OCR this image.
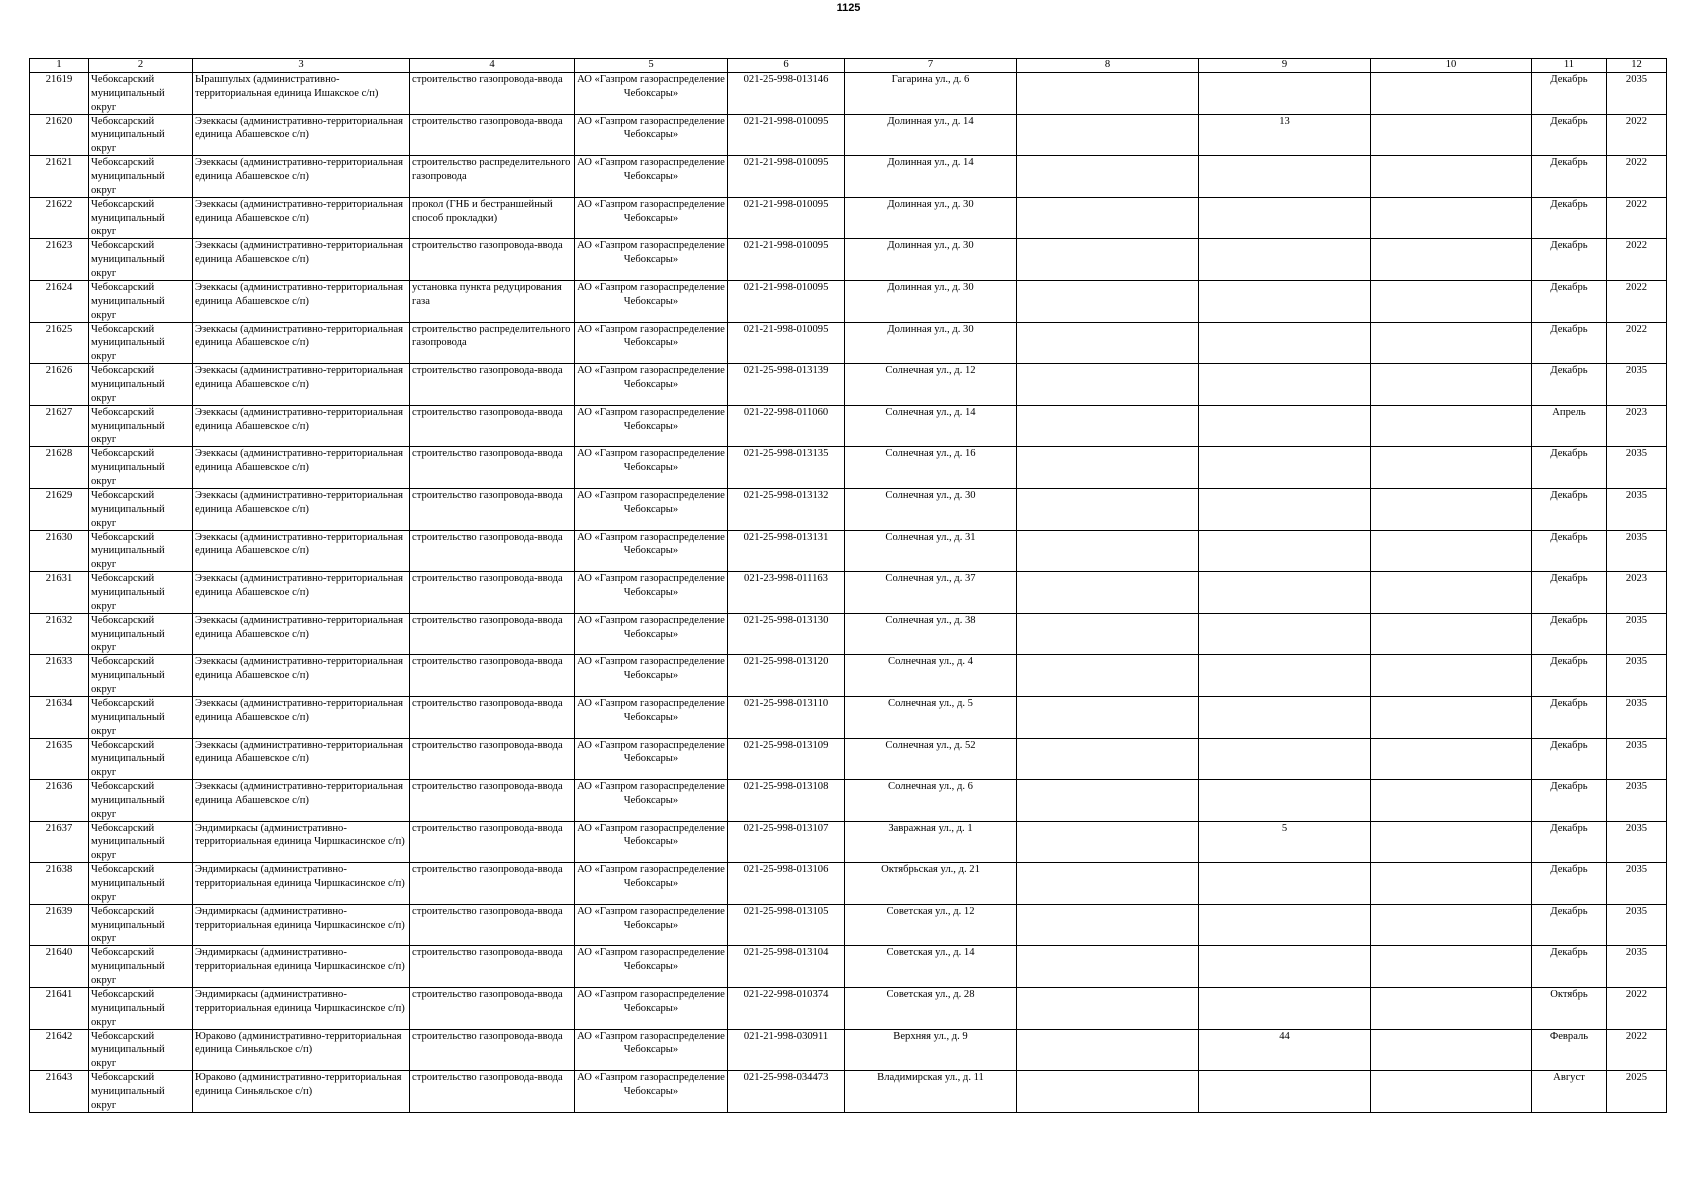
1125
1	2	3	4	5	6	7	8	9	10	11	12

21619	Чебоксарский муниципальный округ	Ырашпулых (административно-территориальная единица Ишакское с/п)	строительство газопровода-ввода	АО «Газпром газораспределение Чебоксары»	021-25-998-013146	Гагарина ул., д. 6				Декабрь	2035

21620	Чебоксарский муниципальный округ	Эзеккасы (административно-территориальная единица Абашевское с/п)	строительство газопровода-ввода	АО «Газпром газораспределение Чебоксары»	021-21-998-010095	Долинная ул., д. 14		13		Декабрь	2022

21621	Чебоксарский муниципальный округ	Эзеккасы (административно-территориальная единица Абашевское с/п)	строительство распределительного газопровода	АО «Газпром газораспределение Чебоксары»	021-21-998-010095	Долинная ул., д. 14				Декабрь	2022

21622	Чебоксарский муниципальный округ	Эзеккасы (административно-территориальная единица Абашевское с/п)	прокол (ГНБ и бестраншейный способ прокладки)	АО «Газпром газораспределение Чебоксары»	021-21-998-010095	Долинная ул., д. 30				Декабрь	2022

21623	Чебоксарский муниципальный округ	Эзеккасы (административно-территориальная единица Абашевское с/п)	строительство газопровода-ввода	АО «Газпром газораспределение Чебоксары»	021-21-998-010095	Долинная ул., д. 30				Декабрь	2022

21624	Чебоксарский муниципальный округ	Эзеккасы (административно-территориальная единица Абашевское с/п)	установка пункта редуцирования газа	АО «Газпром газораспределение Чебоксары»	021-21-998-010095	Долинная ул., д. 30				Декабрь	2022

21625	Чебоксарский муниципальный округ	Эзеккасы (административно-территориальная единица Абашевское с/п)	строительство распределительного газопровода	АО «Газпром газораспределение Чебоксары»	021-21-998-010095	Долинная ул., д. 30				Декабрь	2022

21626	Чебоксарский муниципальный округ	Эзеккасы (административно-территориальная единица Абашевское с/п)	строительство газопровода-ввода	АО «Газпром газораспределение Чебоксары»	021-25-998-013139	Солнечная ул., д. 12				Декабрь	2035

21627	Чебоксарский муниципальный округ	Эзеккасы (административно-территориальная единица Абашевское с/п)	строительство газопровода-ввода	АО «Газпром газораспределение Чебоксары»	021-22-998-011060	Солнечная ул., д. 14				Апрель	2023

21628	Чебоксарский муниципальный округ	Эзеккасы (административно-территориальная единица Абашевское с/п)	строительство газопровода-ввода	АО «Газпром газораспределение Чебоксары»	021-25-998-013135	Солнечная ул., д. 16				Декабрь	2035

21629	Чебоксарский муниципальный округ	Эзеккасы (административно-территориальная единица Абашевское с/п)	строительство газопровода-ввода	АО «Газпром газораспределение Чебоксары»	021-25-998-013132	Солнечная ул., д. 30				Декабрь	2035

21630	Чебоксарский муниципальный округ	Эзеккасы (административно-территориальная единица Абашевское с/п)	строительство газопровода-ввода	АО «Газпром газораспределение Чебоксары»	021-25-998-013131	Солнечная ул., д. 31				Декабрь	2035

21631	Чебоксарский муниципальный округ	Эзеккасы (административно-территориальная единица Абашевское с/п)	строительство газопровода-ввода	АО «Газпром газораспределение Чебоксары»	021-23-998-011163	Солнечная ул., д. 37				Декабрь	2023

21632	Чебоксарский муниципальный округ	Эзеккасы (административно-территориальная единица Абашевское с/п)	строительство газопровода-ввода	АО «Газпром газораспределение Чебоксары»	021-25-998-013130	Солнечная ул., д. 38				Декабрь	2035

21633	Чебоксарский муниципальный округ	Эзеккасы (административно-территориальная единица Абашевское с/п)	строительство газопровода-ввода	АО «Газпром газораспределение Чебоксары»	021-25-998-013120	Солнечная ул., д. 4				Декабрь	2035

21634	Чебоксарский муниципальный округ	Эзеккасы (административно-территориальная единица Абашевское с/п)	строительство газопровода-ввода	АО «Газпром газораспределение Чебоксары»	021-25-998-013110	Солнечная ул., д. 5				Декабрь	2035

21635	Чебоксарский муниципальный округ	Эзеккасы (административно-территориальная единица Абашевское с/п)	строительство газопровода-ввода	АО «Газпром газораспределение Чебоксары»	021-25-998-013109	Солнечная ул., д. 52				Декабрь	2035

21636	Чебоксарский муниципальный округ	Эзеккасы (административно-территориальная единица Абашевское с/п)	строительство газопровода-ввода	АО «Газпром газораспределение Чебоксары»	021-25-998-013108	Солнечная ул., д. 6				Декабрь	2035

21637	Чебоксарский муниципальный округ	Эндимиркасы (административно-территориальная единица Чиршкасинское с/п)	строительство газопровода-ввода	АО «Газпром газораспределение Чебоксары»	021-25-998-013107	Завражная ул., д. 1		5		Декабрь	2035

21638	Чебоксарский муниципальный округ	Эндимиркасы (административно-территориальная единица Чиршкасинское с/п)	строительство газопровода-ввода	АО «Газпром газораспределение Чебоксары»	021-25-998-013106	Октябрьская ул., д. 21				Декабрь	2035

21639	Чебоксарский муниципальный округ	Эндимиркасы (административно-территориальная единица Чиршкасинское с/п)	строительство газопровода-ввода	АО «Газпром газораспределение Чебоксары»	021-25-998-013105	Советская ул., д. 12				Декабрь	2035

21640	Чебоксарский муниципальный округ	Эндимиркасы (административно-территориальная единица Чиршкасинское с/п)	строительство газопровода-ввода	АО «Газпром газораспределение Чебоксары»	021-25-998-013104	Советская ул., д. 14				Декабрь	2035

21641	Чебоксарский муниципальный округ	Эндимиркасы (административно-территориальная единица Чиршкасинское с/п)	строительство газопровода-ввода	АО «Газпром газораспределение Чебоксары»	021-22-998-010374	Советская ул., д. 28				Октябрь	2022

21642	Чебоксарский муниципальный округ	Юраково (административно-территориальная единица Синьяльское с/п)	строительство газопровода-ввода	АО «Газпром газораспределение Чебоксары»	021-21-998-030911	Верхняя ул., д. 9		44		Февраль	2022

21643	Чебоксарский муниципальный округ	Юраково (административно-территориальная единица Синьяльское с/п)	строительство газопровода-ввода	АО «Газпром газораспределение Чебоксары»	021-25-998-034473	Владимирская ул., д. 11				Август	2025
